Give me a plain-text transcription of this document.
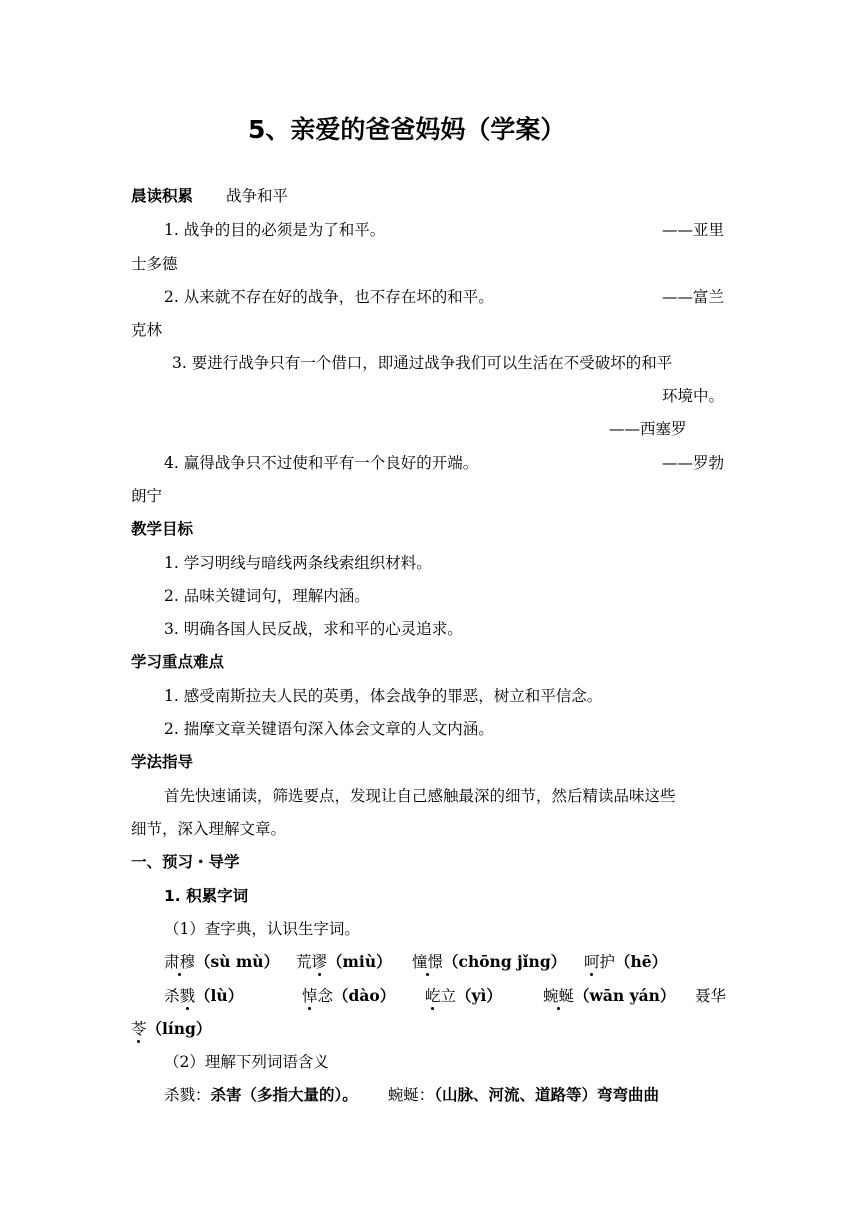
5、亲爱的爸爸妈妈（学案）
晨读积累 战争和平
1. 战争的目的必须是为了和平。	——亚里
士多德
2. 从来就不存在好的战争，也不存在坏的和平。	——富兰
克林
3. 要进行战争只有一个借口，即通过战争我们可以生活在不受破坏的和平
环境中。
——西塞罗
4. 赢得战争只不过使和平有一个良好的开端。	——罗勃
朗宁
教学目标
1. 学习明线与暗线两条线索组织材料。
2. 品味关键词句，理解内涵。
3. 明确各国人民反战，求和平的心灵追求。
学习重点难点
1. 感受南斯拉夫人民的英勇，体会战争的罪恶，树立和平信念。
2. 揣摩文章关键语句深入体会文章的人文内涵。
学法指导
首先快速诵读，筛选要点，发现让自己感触最深的细节，然后精读品味这些
细节，深入理解文章。
一、预习・导学
1. 积累字词
（1）查字典，认识生字词。
肃穆（sù mù） 荒谬（miù） 憧憬（chōng jǐng） 呵护（hē）
杀戮（lù）	悼念（dào） 屹立（yì）	蜿蜒（wān yán） 聂华
苓（líng）
（2）理解下列词语含义
杀戮：杀害（多指大量的）。 蜿蜒：（山脉、河流、道路等）弯弯曲曲
